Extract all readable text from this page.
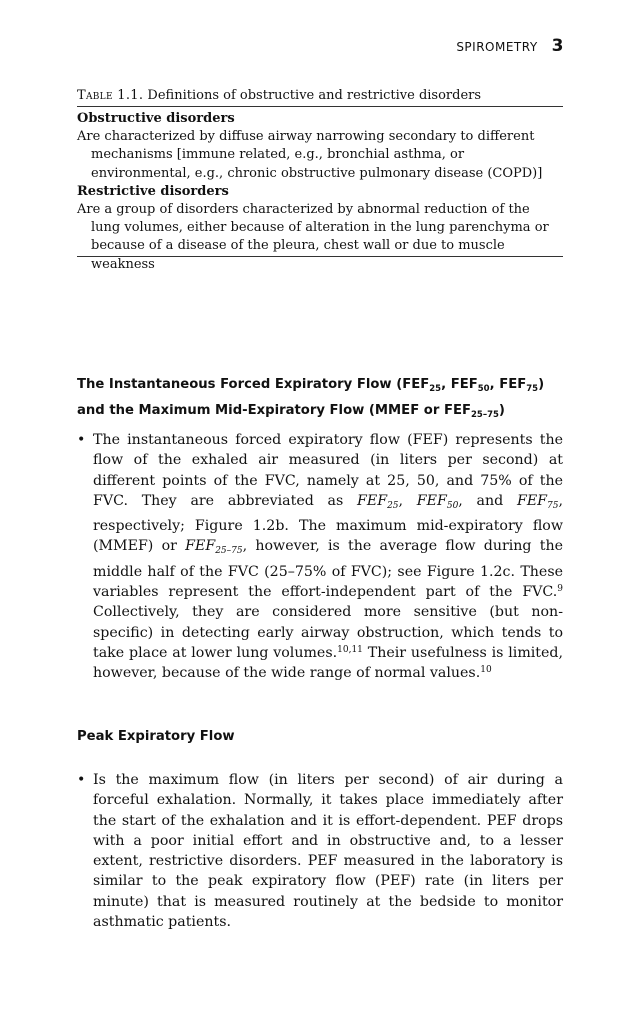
SPIROMETRY 3
Table 1.1. Definitions of obstructive and restrictive disorders
Obstructive disorders
Are characterized by diffuse airway narrowing secondary to different mechanisms [immune related, e.g., bronchial asthma, or environmental, e.g., chronic obstructive pulmonary disease (COPD)]
Restrictive disorders
Are a group of disorders characterized by abnormal reduction of the lung volumes, either because of alteration in the lung parenchyma or because of a disease of the pleura, chest wall or due to muscle weakness
The Instantaneous Forced Expiratory Flow ($FEF_{25}$, $FEF_{50}$, $FEF_{75}$) and the Maximum Mid-Expiratory Flow (MMEF or $FEF_{25-75}$)
• The instantaneous forced expiratory flow (FEF) represents the flow of the exhaled air measured (in liters per second) at different points of the FVC, namely at 25, 50, and 75% of the FVC. They are abbreviated as $FEF_{25}$, $FEF_{50}$, and $FEF_{75}$, respectively; Figure 1.2b. The maximum mid-expiratory flow (MMEF) or $FEF_{25-75}$, however, is the average flow during the middle half of the FVC (25–75% of FVC); see Figure 1.2c. These variables represent the effort-independent part of the FVC.$^9$ Collectively, they are considered more sensitive (but non-specific) in detecting early airway obstruction, which tends to take place at lower lung volumes.$^{10,11}$ Their usefulness is limited, however, because of the wide range of normal values.$^{10}$
Peak Expiratory Flow
• Is the maximum flow (in liters per second) of air during a forceful exhalation. Normally, it takes place immediately after the start of the exhalation and it is effort-dependent. PEF drops with a poor initial effort and in obstructive and, to a lesser extent, restrictive disorders. PEF measured in the laboratory is similar to the peak expiratory flow (PEF) rate (in liters per minute) that is measured routinely at the bedside to monitor asthmatic patients.
